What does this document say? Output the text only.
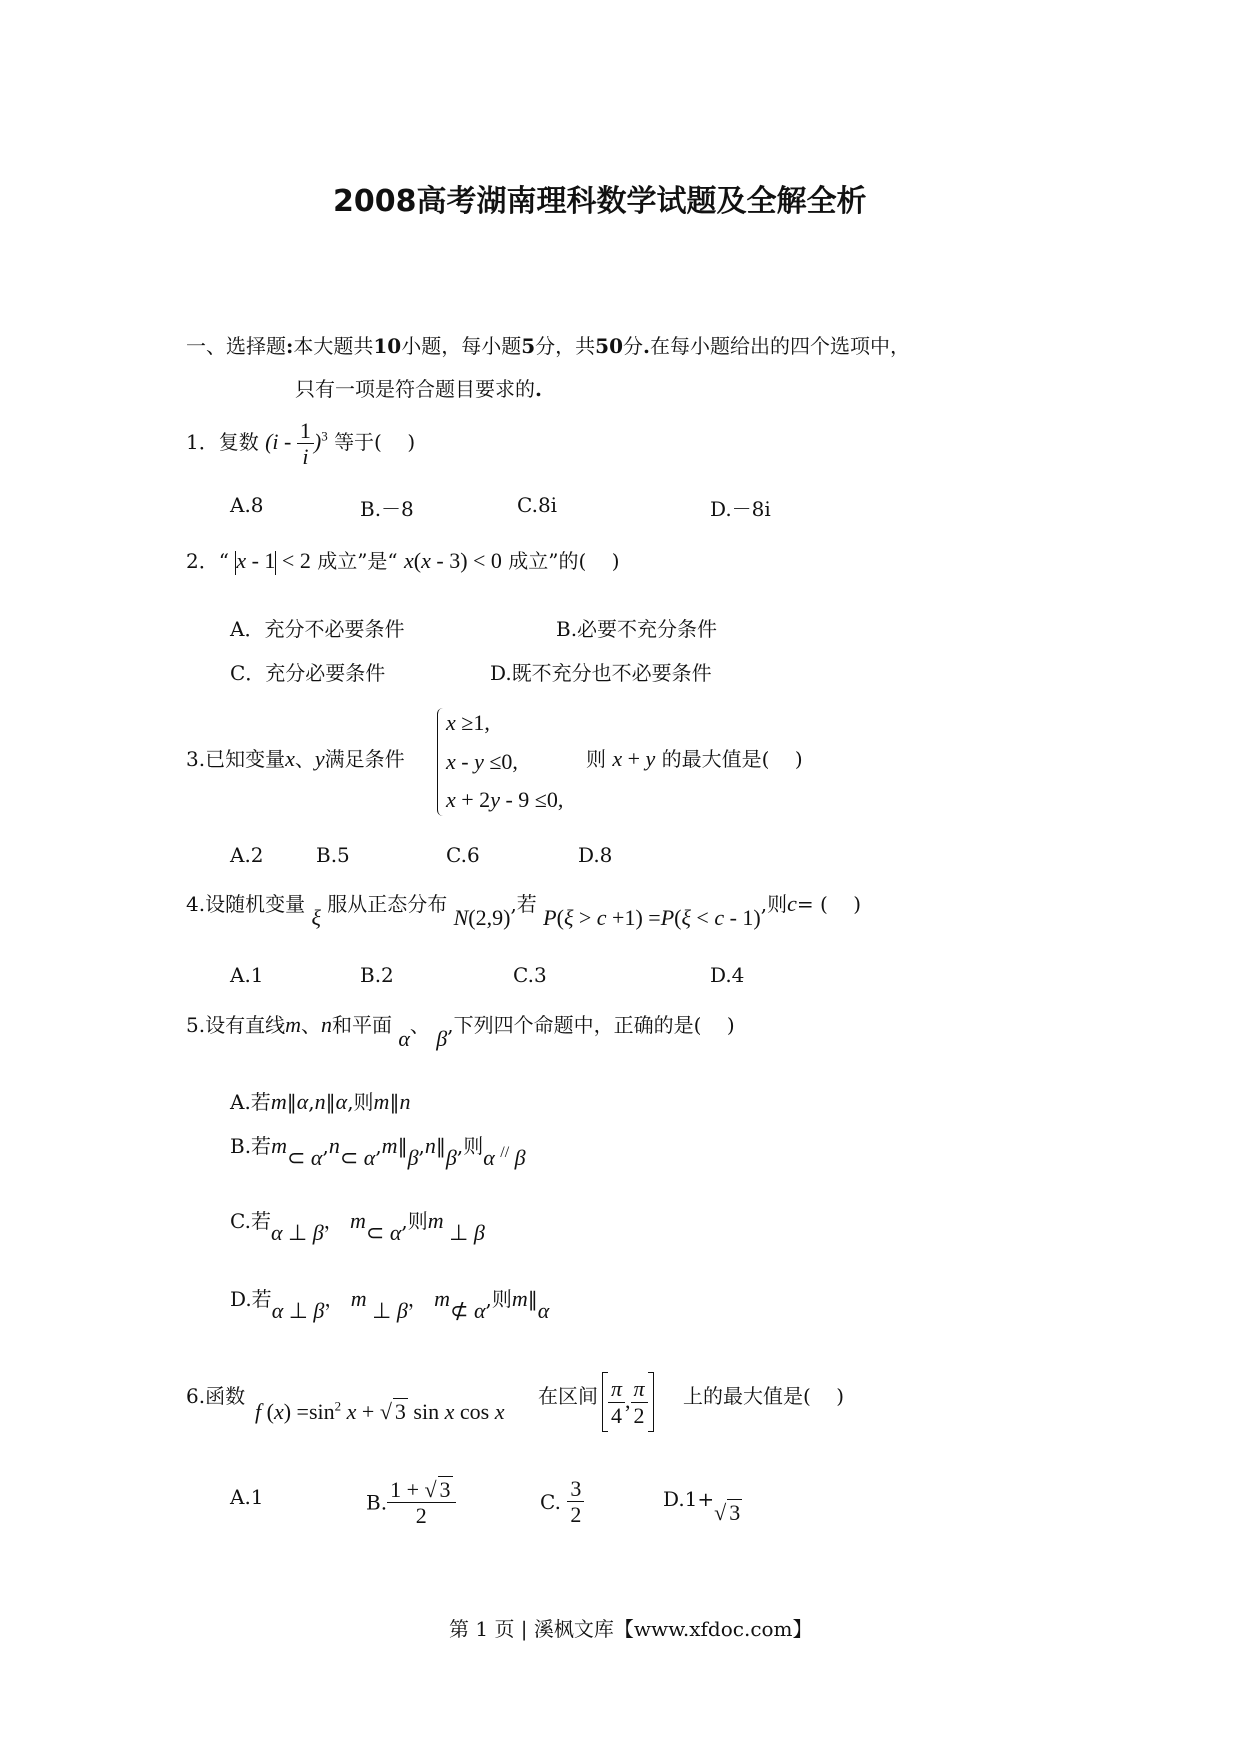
2008高考湖南理科数学试题及全解全析
一、选择题:本大题共10小题，每小题5分，共50分.在每小题给出的四个选项中，
只有一项是符合题目要求的.
1．复数 $(i - \frac{1}{i} )^3$ 等于( )
A.8	B.－8	C.8i	D.－8i
2．“ x - 1 < 2 成立”是“ x(x - 3) < 0 成立”的( )
A．充分不必要条件	B.必要不充分条件
C．充分必要条件	D.既不充分也不必要条件
3.已知变量x、y满足条件
x ≥1,
x - y ≤0,
x + 2y - 9 ≤0,
则 x + y 的最大值是( )
A.2	B.5	C.6	D.8
4.设随机变量 ξ 服从正态分布 N(2,9),若 P(ξ > c +1) =P(ξ < c - 1),则c= ( )
A.1	B.2	C.3	D.4
5.设有直线m、n和平面 α、 β,下列四个命题中，正确的是( )
A.若m‖α,n‖α,则m‖n
B.若m⊂ α,n⊂ α,m‖β,n‖β,则α // β
C.若α ⊥ β， m⊂ α,则m ⊥ β
D.若α ⊥ β， m ⊥ β， m⊄ α,则m‖α
6.函数
f $(x) =\sin^2$ x + √ 3 sin x cos x
在区间 $\frac{\pi}{4}$ , $\frac{\pi}{2}$ 上的最大值是( )
A.1	B. $\frac{1 + √ 3}{2}$	C. $\frac{3}{2}$	D.1+√ 3
第 1 页 | 溪枫文库【www.xfdoc.com】
